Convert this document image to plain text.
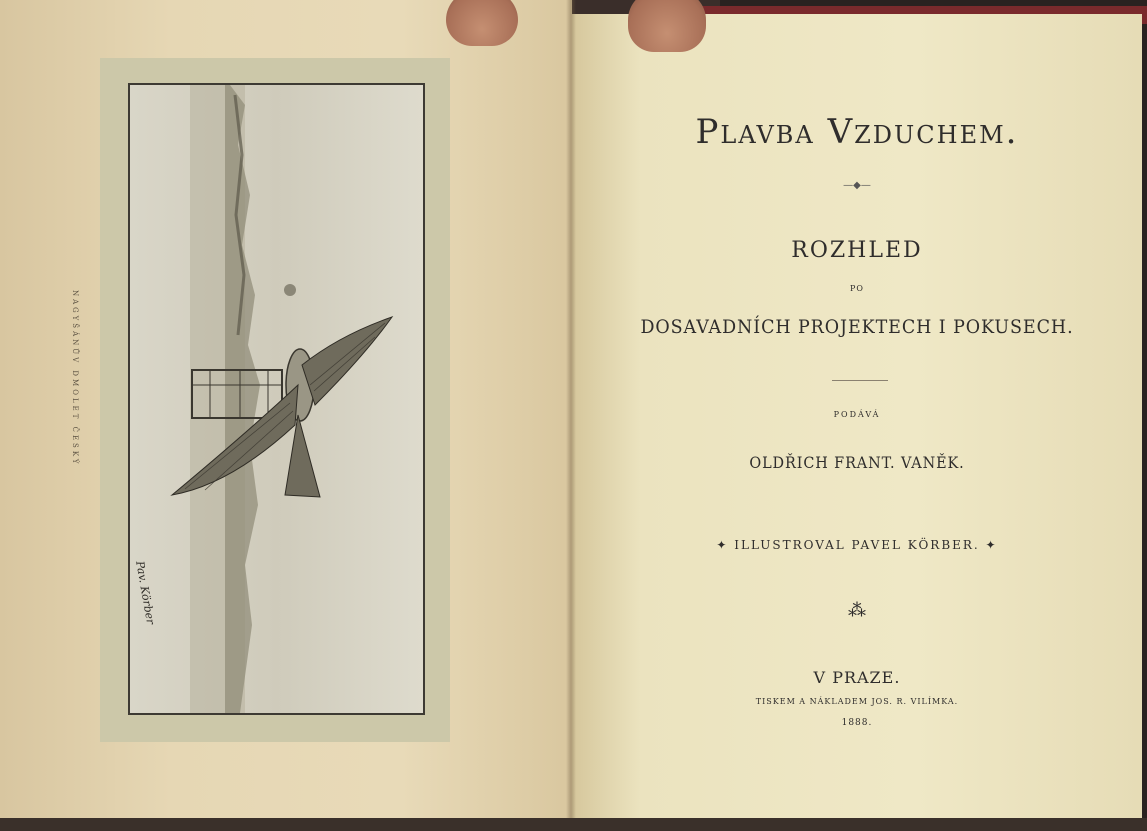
NAGYŠÁNŮV DMOLET ČESKÝ
Pav. Körber
Plavba Vzduchem.
—◆—
ROZHLED
PO
DOSAVADNÍCH PROJEKTECH I POKUSECH.
PODÁVÁ
OLDŘICH FRANT. VANĚK.
✦ ILLUSTROVAL PAVEL KÖRBER. ✦
⁂
V PRAZE.
TISKEM A NÁKLADEM JOS. R. VILÍMKA.
1888.
